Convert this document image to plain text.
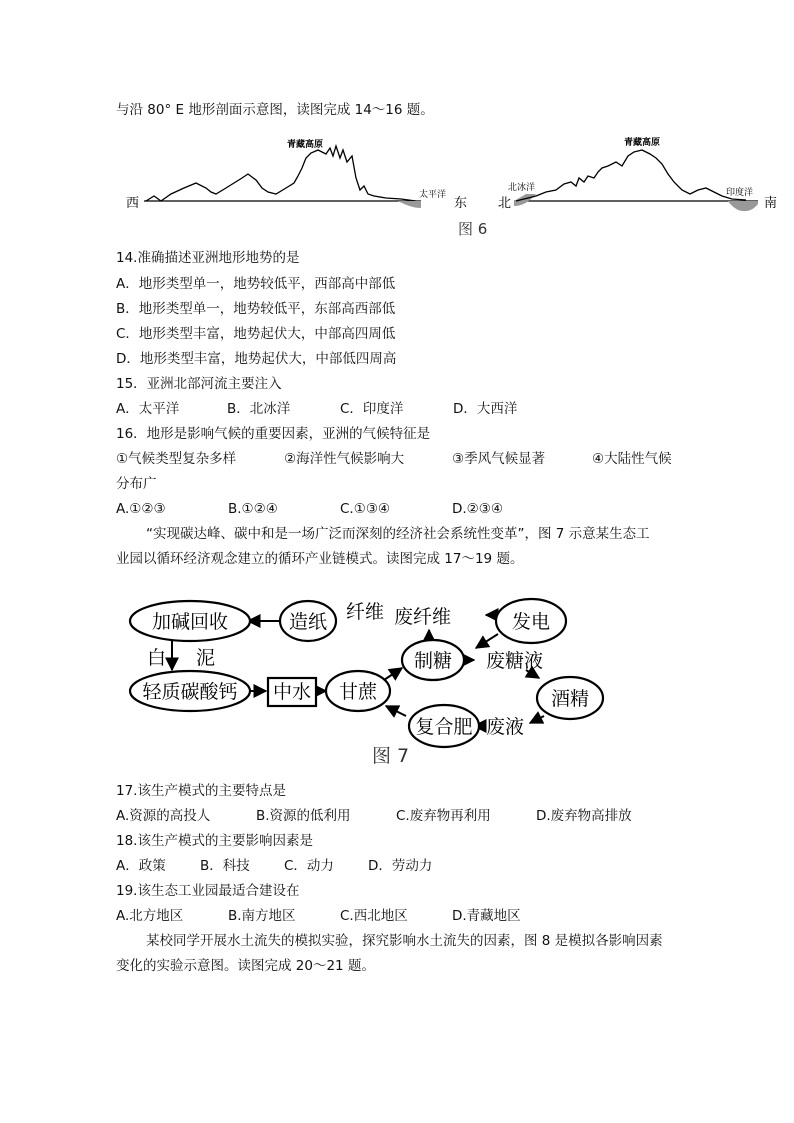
与沿 80° E 地形剖面示意图，读图完成 14～16 题。
西	东
青藏高原
太平洋
北	南
青藏高原
北冰洋	印度洋
图 6
14.准确描述亚洲地形地势的是
A．地形类型单一，地势较低平，西部高中部低
B．地形类型单一，地势较低平，东部高西部低
C．地形类型丰富，地势起伏大，中部高四周低
D．地形类型丰富，地势起伏大，中部低四周高
15．亚洲北部河流主要注入
A．太平洋	B．北冰洋	C．印度洋	D．大西洋
16．地形是影响气候的重要因素，亚洲的气候特征是
①气候类型复杂多样	②海洋性气候影响大	③季风气候显著	④大陆性气候
分布广
A.①②③	B.①②④	C.①③④	D.②③④
“实现碳达峰、碳中和是一场广泛而深刻的经济社会系统性变革”，图 7 示意某生态工
业园以循环经济观念建立的循环产业链模式。读图完成 17～19 题。
加碱回收	造纸	发电
制糖
轻质碳酸钙 中水 甘蔗	酒精
复合肥
纤维 废纤维
白 泥	废糖液
废液
图 7
17.该生产模式的主要特点是
A.资源的高投人	B.资源的低利用	C.废弃物再利用	D.废弃物高排放
18.该生产模式的主要影响因素是
A．政策	B．科技	C．动力	D．劳动力
19.该生态工业园最适合建设在
A.北方地区	B.南方地区	C.西北地区	D.青藏地区
某校同学开展水土流失的模拟实验，探究影响水土流失的因素，图 8 是模拟各影响因素
变化的实验示意图。读图完成 20～21 题。
